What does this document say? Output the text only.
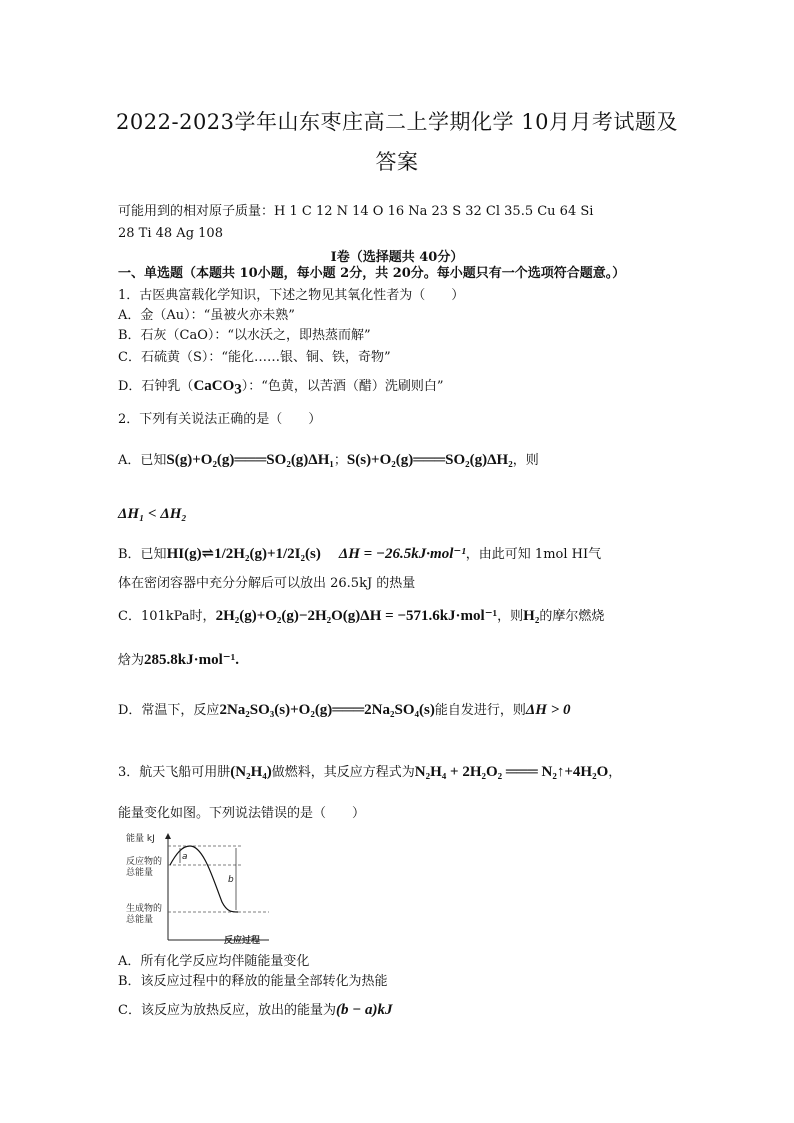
2022-2023学年山东枣庄高二上学期化学 10月月考试题及
答案
可能用到的相对原子质量：H 1 C 12 N 14 O 16 Na 23 S 32 Cl 35.5 Cu 64 Si
28 Ti 48 Ag 108
I卷（选择题共 40分）
一、单选题（本题共 10小题，每小题 2分，共 20分。每小题只有一个选项符合题意。）
1．古医典富载化学知识，下述之物见其氧化性者为（　　）
A．金（Au）：“虽被火亦未熟”
B．石灰（CaO）：“以水沃之，即热蒸而解”
C．石硫黄（S）：“能化……银、铜、铁，奇物”
D．石钟乳（CaCO$_3$）：“色黄，以苦酒（醋）洗刷则白”
2．下列有关说法正确的是（　　）
A．已知S(g)+O₂(g)═══SO₂(g)ΔH₁；S(s)+O₂(g)═══SO₂(g)ΔH₂，则
ΔH₁ < ΔH₂
B．已知HI(g)⇌1/2H₂(g)+1/2I₂(s) ΔH = −26.5kJ·mol⁻¹，由此可知 1mol HI气
体在密闭容器中充分分解后可以放出 26.5kJ 的热量
C．101kPa时，2H₂(g)+O₂(g)−2H₂O(g)ΔH = −571.6kJ·mol⁻¹，则H₂的摩尔燃烧
焓为285.8kJ·mol⁻¹.
D．常温下，反应2Na₂SO₃(s)+O₂(g)═══2Na₂SO₄(s)能自发进行，则ΔH > 0
3．航天飞船可用肼(N₂H₄)做燃料，其反应方程式为N₂H₄ + 2H₂O₂ ═══ N₂↑+4H₂O，
能量变化如图。下列说法错误的是（　　）
能量 kJ
a
b
反应物的
总能量
生成物的
总能量
反应过程
A．所有化学反应均伴随能量变化
B．该反应过程中的释放的能量全部转化为热能
C．该反应为放热反应，放出的能量为(b − a)kJ
